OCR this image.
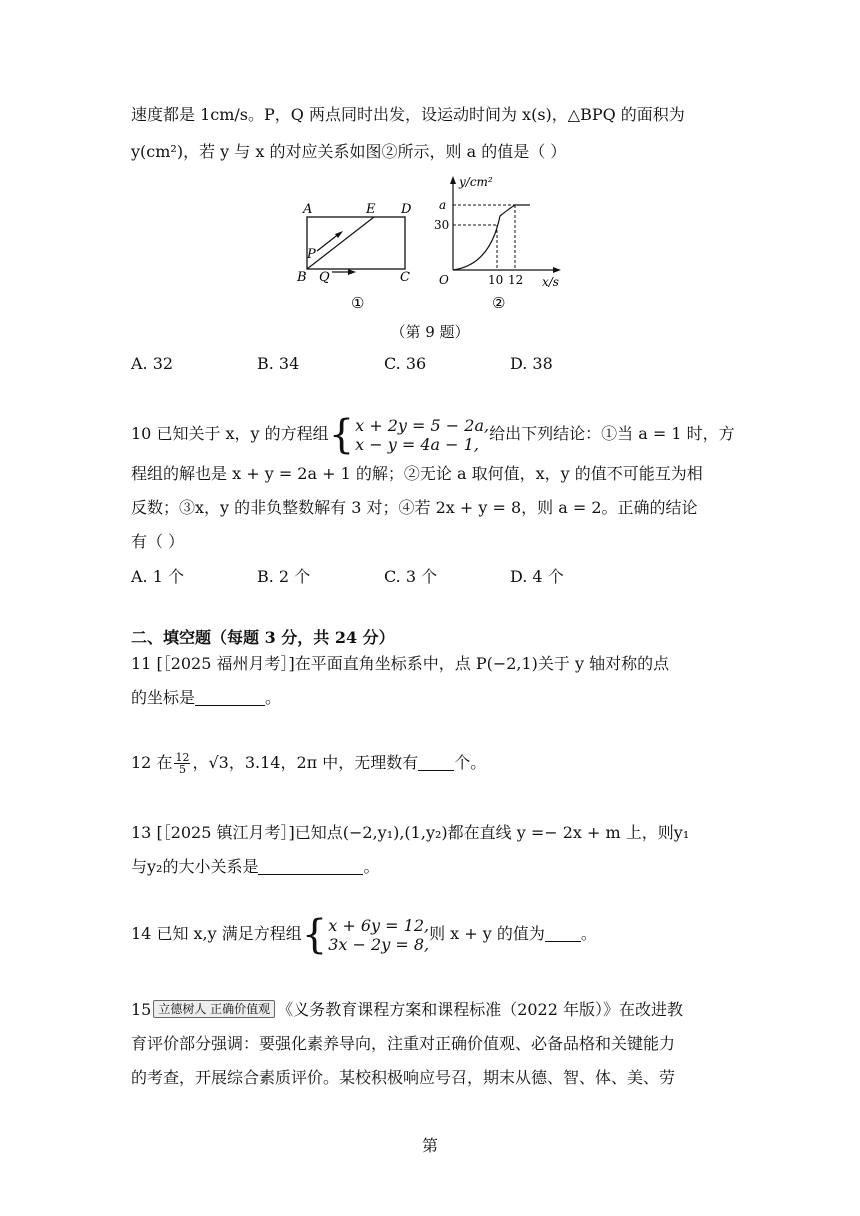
速度都是 1cm/s。P，Q 两点同时出发，设运动时间为 x(s)，△BPQ 的面积为
y(cm²)，若 y 与 x 的对应关系如图②所示，则 a 的值是（ ）
A	E D
B Q	C
P
①
y/cm²
a
30
O	10 12 x/s
②
（第 9 题）
A. 32	B. 34	C. 36	D. 38
10 已知关于 x，y 的方程组 { x + 2y = 5 − 2a,
x − y = 4a − 1,
给出下列结论：①当 a = 1 时，方
程组的解也是 x + y = 2a + 1 的解；②无论 a 取何值，x，y 的值不可能互为相
反数；③x，y 的非负整数解有 3 对；④若 2x + y = 8，则 a = 2。正确的结论
有（ ）
A. 1 个	B. 2 个	C. 3 个	D. 4 个
二、填空题（每题 3 分，共 24 分）
11 [［2025 福州月考］]在平面直角坐标系中，点 P(−2,1)关于 y 轴对称的点
的坐标是	。
12 在 $\frac{12}{5}$ ，√3，3.14，2π 中，无理数有 个。
13 [［2025 镇江月考］]已知点(−2,y₁),(1,y₂)都在直线 y =− 2x + m 上，则y₁
与y₂的大小关系是	。
14 已知 x,y 满足方程组 { x + 6y = 12,
3x − 2y = 8,
则 x + y 的值为 。
15 立德树人 正确价值观 《义务教育课程方案和课程标准（2022 年版）》在改进教
育评价部分强调：要强化素养导向，注重对正确价值观、必备品格和关键能力
的考查，开展综合素质评价。某校积极响应号召，期末从德、智、体、美、劳
第
